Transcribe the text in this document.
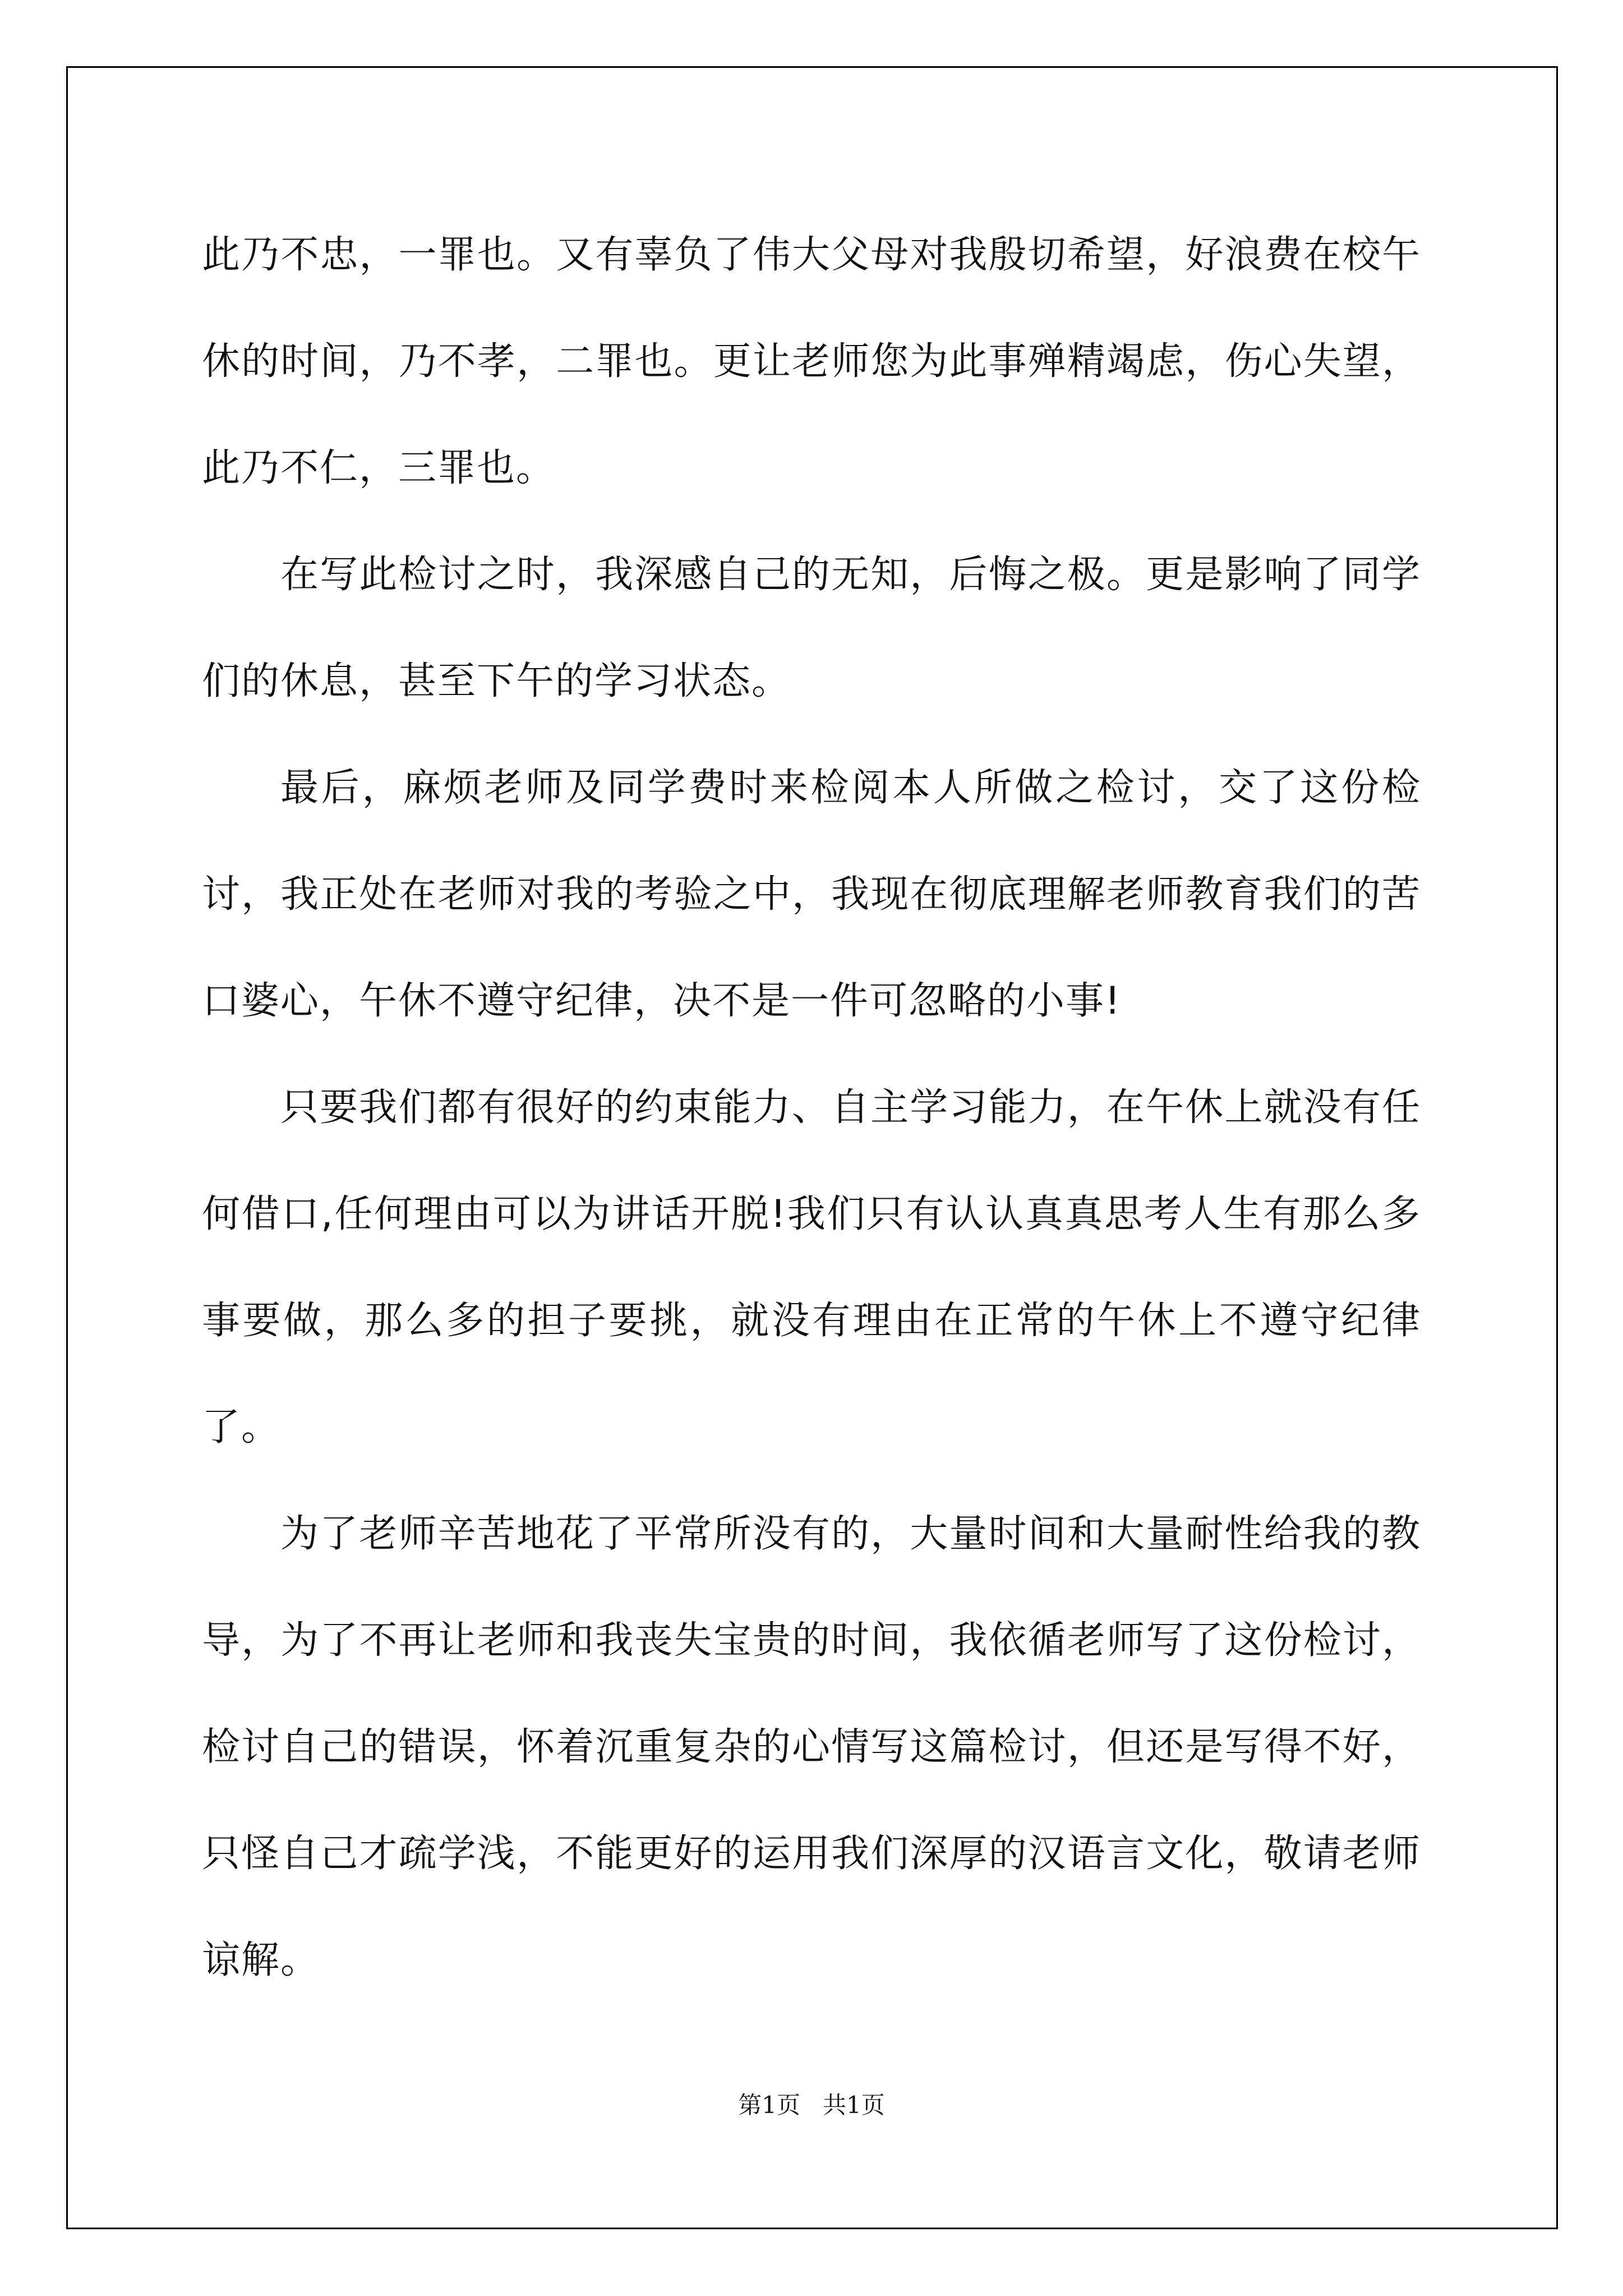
此乃不忠，一罪也。又有辜负了伟大父母对我殷切希望，好浪费在校午休的时间，乃不孝，二罪也。更让老师您为此事殚精竭虑，伤心失望，此乃不仁，三罪也。

在写此检讨之时，我深感自己的无知，后悔之极。更是影响了同学们的休息，甚至下午的学习状态。

最后，麻烦老师及同学费时来检阅本人所做之检讨，交了这份检讨，我正处在老师对我的考验之中，我现在彻底理解老师教育我们的苦口婆心，午休不遵守纪律，决不是一件可忽略的小事!

只要我们都有很好的约束能力、自主学习能力，在午休上就没有任何借口,任何理由可以为讲话开脱!我们只有认认真真思考人生有那么多事要做，那么多的担子要挑，就没有理由在正常的午休上不遵守纪律了。

为了老师辛苦地花了平常所没有的，大量时间和大量耐性给我的教导，为了不再让老师和我丧失宝贵的时间，我依循老师写了这份检讨，检讨自己的错误，怀着沉重复杂的心情写这篇检讨，但还是写得不好，只怪自己才疏学浅，不能更好的运用我们深厚的汉语言文化，敬请老师谅解。

第1页   共1页
